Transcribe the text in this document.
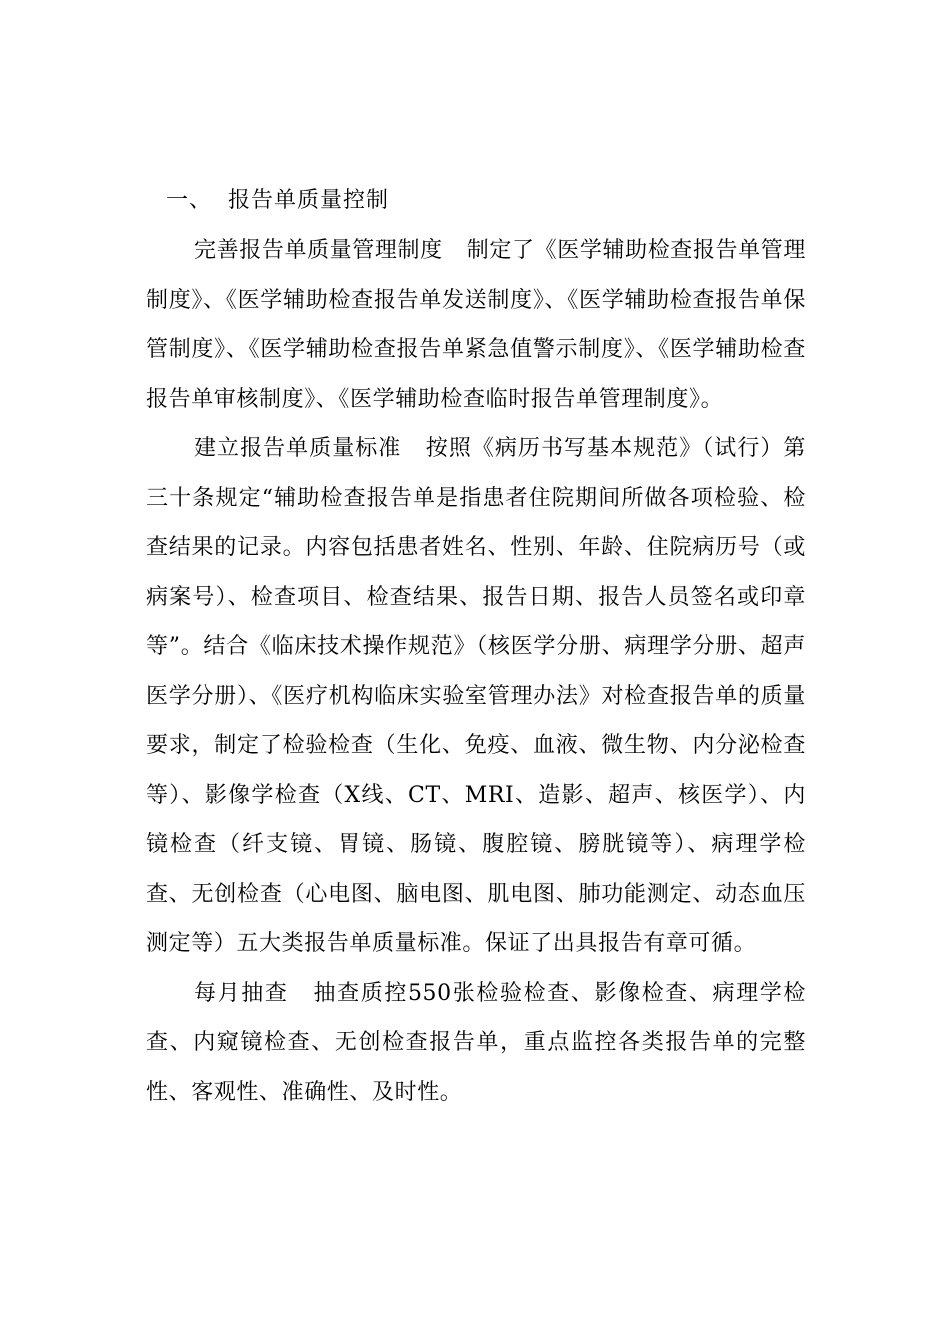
一、 报告单质量控制

完善报告单质量管理制度 制定了《医学辅助检查报告单管理制度》、《医学辅助检查报告单发送制度》、《医学辅助检查报告单保管制度》、《医学辅助检查报告单紧急值警示制度》、《医学辅助检查报告单审核制度》、《医学辅助检查临时报告单管理制度》。

建立报告单质量标准 按照《病历书写基本规范》（试行）第三十条规定“辅助检查报告单是指患者住院期间所做各项检验、检查结果的记录。内容包括患者姓名、性别、年龄、住院病历号（或病案号）、检查项目、检查结果、报告日期、报告人员签名或印章等”。结合《临床技术操作规范》（核医学分册、病理学分册、超声医学分册）、《医疗机构临床实验室管理办法》对检查报告单的质量要求，制定了检验检查（生化、免疫、血液、微生物、内分泌检查等）、影像学检查（X线、CT、MRI、造影、超声、核医学）、内镜检查（纤支镜、胃镜、肠镜、腹腔镜、膀胱镜等）、病理学检查、无创检查（心电图、脑电图、肌电图、肺功能测定、动态血压测定等）五大类报告单质量标准。保证了出具报告有章可循。

每月抽查 抽查质控550张检验检查、影像检查、病理学检查、内窥镜检查、无创检查报告单，重点监控各类报告单的完整性、客观性、准确性、及时性。
